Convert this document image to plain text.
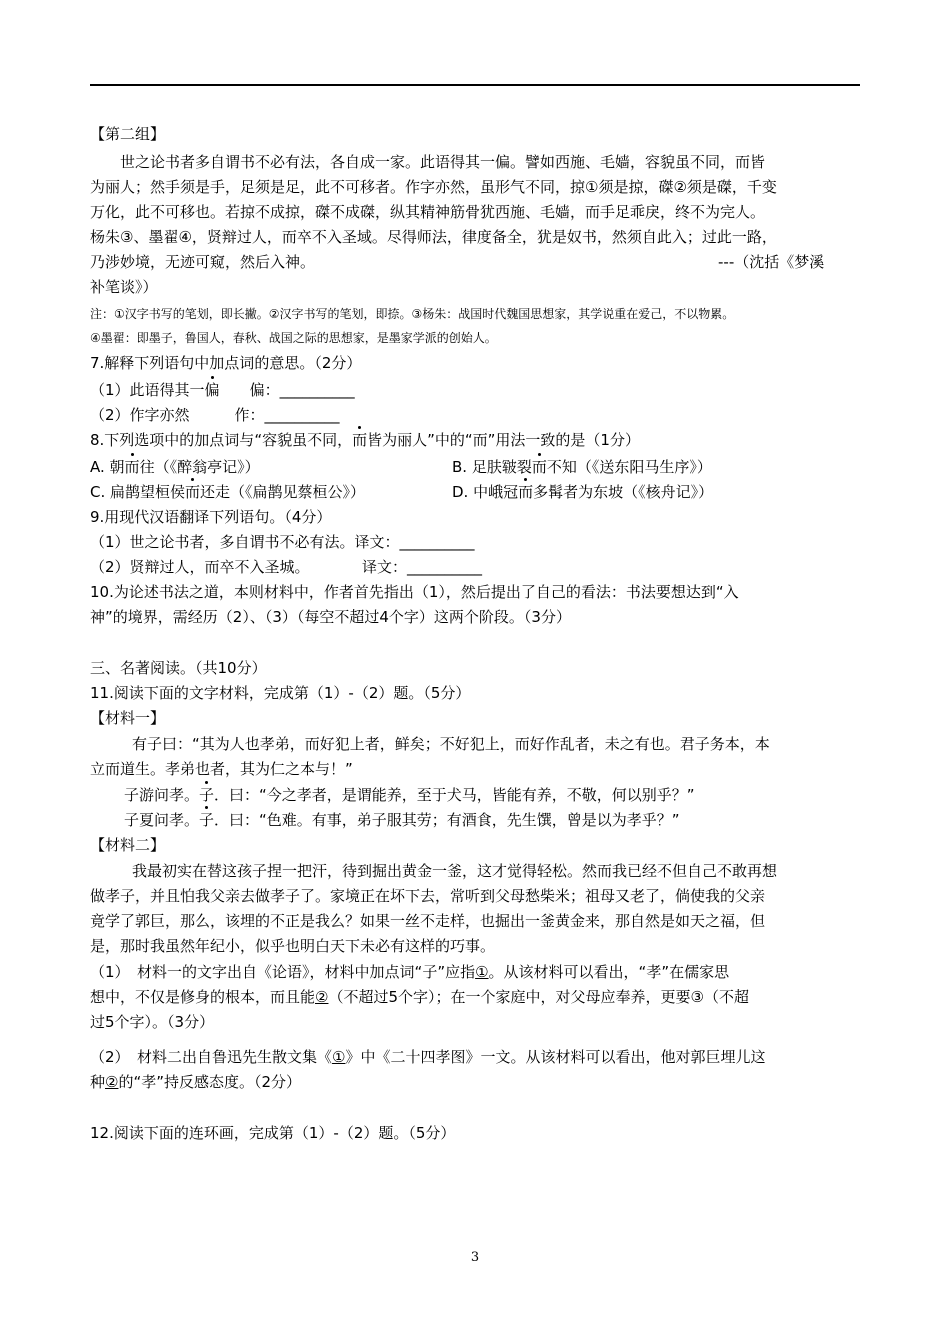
【第二组】
世之论书者多自谓书不必有法，各自成一家。此语得其一偏。譬如西施、毛嫱，容貌虽不同，而皆
为丽人；然手须是手，足须是足，此不可移者。作字亦然，虽形气不同，掠①须是掠，磔②须是磔，千变
万化，此不可移也。若掠不成掠，磔不成磔，纵其精神筋骨犹西施、毛嫱，而手足乖戾，终不为完人。
杨朱③、墨翟④，贤辩过人，而卒不入圣域。尽得师法，律度备全，犹是奴书，然须自此入；过此一路，
乃涉妙境，无迹可窥，然后入神。	---（沈括《梦溪
补笔谈》）
注：①汉字书写的笔划，即长撇。②汉字书写的笔划，即捺。③杨朱：战国时代魏国思想家，其学说重在爱己，不以物累。
④墨翟：即墨子，鲁国人，春秋、战国之际的思想家，是墨家学派的创始人。
7.解释下列语句中加点词的意思。（2分）
（1）此语得其一偏　　偏：__________
（2）作字亦然　　　作：__________
8.下列选项中的加点词与“容貌虽不同，而皆为丽人”中的“而”用法一致的是（1分）
A. 朝而往（《醉翁亭记》）	B. 足肤皲裂而不知（《送东阳马生序》）
C. 扁鹊望桓侯而还走（《扁鹊见蔡桓公》）	D. 中峨冠而多髯者为东坡（《核舟记》）
9.用现代汉语翻译下列语句。（4分）
（1）世之论书者，多自谓书不必有法。译文：__________
（2）贤辩过人，而卒不入圣城。　　　　译文：__________
10.为论述书法之道，本则材料中，作者首先指出（1），然后提出了自己的看法：书法要想达到“入
神”的境界，需经历（2）、（3）（每空不超过4个字）这两个阶段。（3分）
三、名著阅读。（共10分）
11.阅读下面的文字材料，完成第（1）-（2）题。（5分）
【材料一】
有子曰：“其为人也孝弟，而好犯上者，鲜矣；不好犯上，而好作乱者，未之有也。君子务本，本
立而道生。孝弟也者，其为仁之本与！”
子游问孝。子．曰：“今之孝者，是谓能养，至于犬马，皆能有养，不敬，何以别乎？”
子夏问孝。子．曰：“色难。有事，弟子服其劳；有酒食，先生馔，曾是以为孝乎？”
【材料二】
我最初实在替这孩子捏一把汗，待到掘出黄金一釜，这才觉得轻松。然而我已经不但自己不敢再想
做孝子，并且怕我父亲去做孝子了。家境正在坏下去，常听到父母愁柴米；祖母又老了，倘使我的父亲
竟学了郭巨，那么，该埋的不正是我么？如果一丝不走样，也掘出一釜黄金来，那自然是如天之福，但
是，那时我虽然年纪小，似乎也明白天下未必有这样的巧事。
（1）　材料一的文字出自《论语》，材料中加点词“子”应指①。从该材料可以看出，“孝”在儒家思
想中，不仅是修身的根本，而且能②（不超过5个字）；在一个家庭中，对父母应奉养，更要③（不超
过5个字）。（3分）
（2）　材料二出自鲁迅先生散文集《①》中《二十四孝图》一文。从该材料可以看出，他对郭巨埋儿这
种②的“孝”持反感态度。（2分）
12.阅读下面的连环画，完成第（1）-（2）题。（5分）
3
